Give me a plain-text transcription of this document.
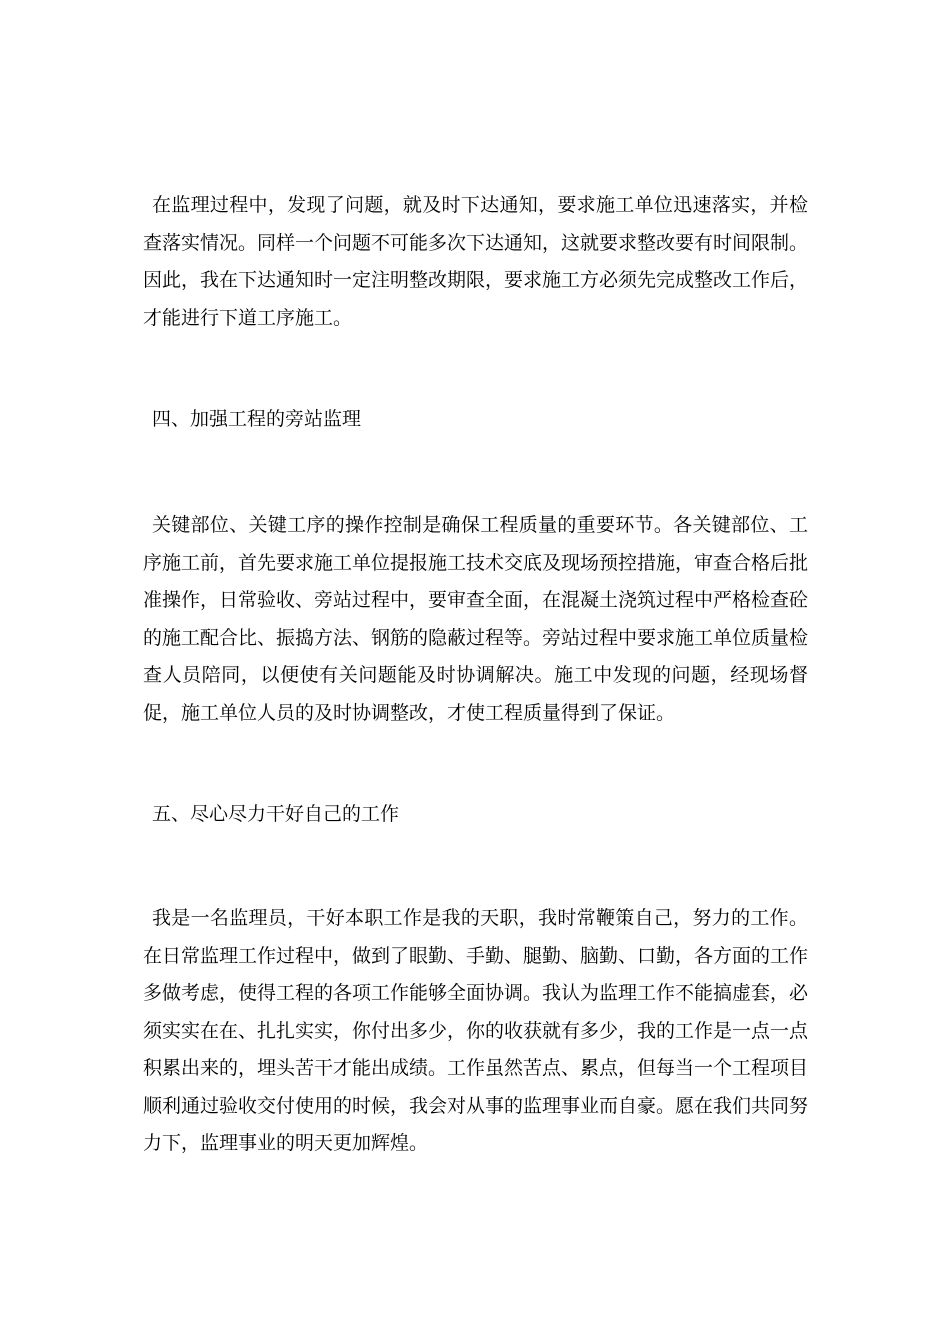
在监理过程中，发现了问题，就及时下达通知，要求施工单位迅速落实，并检查落实情况。同样一个问题不可能多次下达通知，这就要求整改要有时间限制。因此，我在下达通知时一定注明整改期限，要求施工方必须先完成整改工作后，才能进行下道工序施工。

四、加强工程的旁站监理

关键部位、关键工序的操作控制是确保工程质量的重要环节。各关键部位、工序施工前，首先要求施工单位提报施工技术交底及现场预控措施，审查合格后批准操作，日常验收、旁站过程中，要审查全面，在混凝土浇筑过程中严格检查砼的施工配合比、振捣方法、钢筋的隐蔽过程等。旁站过程中要求施工单位质量检查人员陪同，以便使有关问题能及时协调解决。施工中发现的问题，经现场督促，施工单位人员的及时协调整改，才使工程质量得到了保证。

五、尽心尽力干好自己的工作

我是一名监理员，干好本职工作是我的天职，我时常鞭策自己，努力的工作。在日常监理工作过程中，做到了眼勤、手勤、腿勤、脑勤、口勤，各方面的工作多做考虑，使得工程的各项工作能够全面协调。我认为监理工作不能搞虚套，必须实实在在、扎扎实实，你付出多少，你的收获就有多少，我的工作是一点一点积累出来的，埋头苦干才能出成绩。工作虽然苦点、累点，但每当一个工程项目顺利通过验收交付使用的时候，我会对从事的监理事业而自豪。愿在我们共同努力下，监理事业的明天更加辉煌。
